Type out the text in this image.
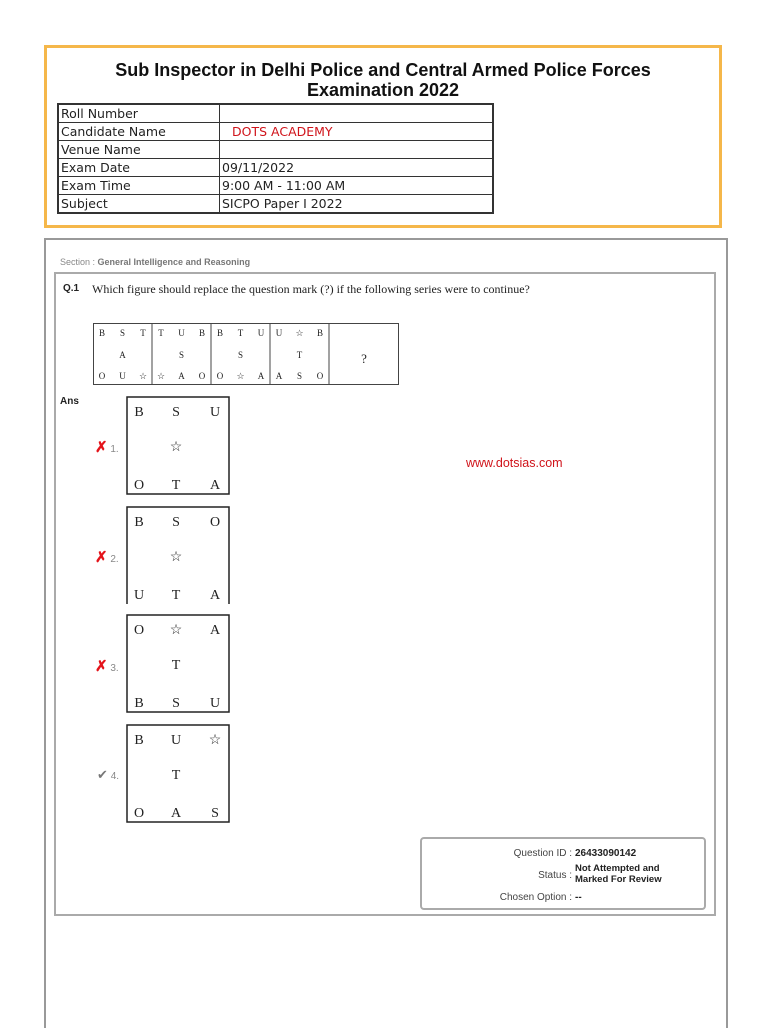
Sub Inspector in Delhi Police and Central Armed Police Forces Examination 2022
Roll Number	
Candidate Name	DOTS ACADEMY
Venue Name	
Exam Date	09/11/2022
Exam Time	9:00 AM - 11:00 AM
Subject	SICPO Paper I 2022
Section : General Intelligence and Reasoning
Q.1 Which figure should replace the question mark (?) if the following series were to continue?
B S T
A
O U ☆
T U B
S
☆ A O
B T U
S
O ☆ A
U ☆ B
T
A S O
?
Ans
✗ 1.
✗ 2.
✗ 3.
✔ 4.
B S U
☆
O T A
B S O
☆
U T A
O ☆ A
T
B S U
B U ☆
T
O A S
www.dotsias.com
Question ID : 26433090142
Status :
Not Attempted and
Marked For Review
Chosen Option : --
